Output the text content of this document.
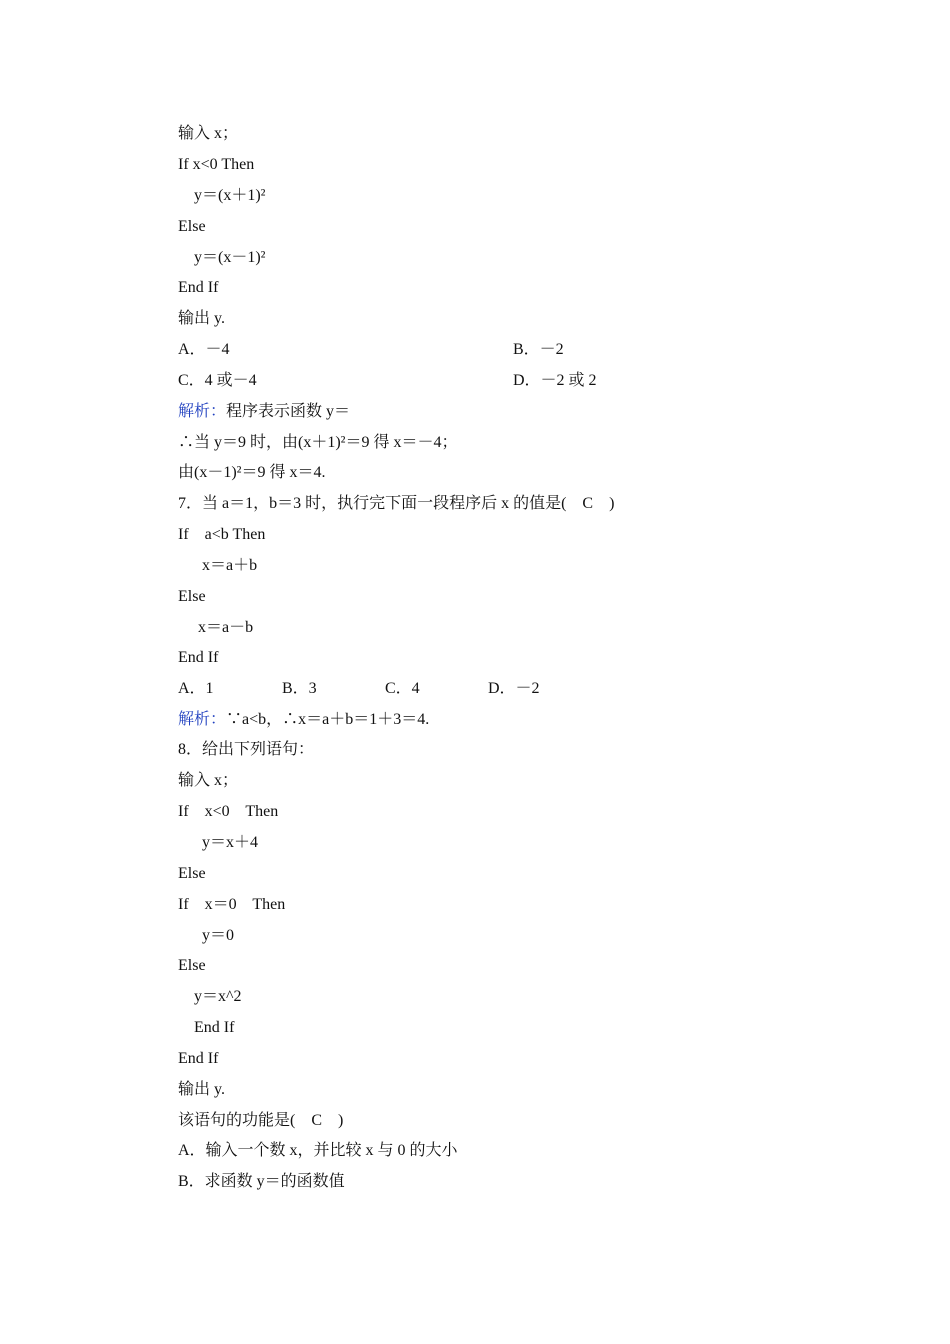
输入 x；
If x<0 Then
y＝(x＋1)²
Else
y＝(x－1)²
End If
输出 y.
A．－4	B．－2
C．4 或－4	D．－2 或 2
解析：程序表示函数 y＝
∴当 y＝9 时，由(x＋1)²＝9 得 x＝－4；
由(x－1)²＝9 得 x＝4.
7．当 a＝1，b＝3 时，执行完下面一段程序后 x 的值是(    C    )
If    a<b Then
x＝a＋b
Else
x＝a－b
End If
A．1	B．3	C．4	D．－2
解析：∵a<b，∴x＝a＋b＝1＋3＝4.
8．给出下列语句：
输入 x；
If    x<0    Then
y＝x＋4
Else
If    x＝0    Then
y＝0
Else
y＝x^2
End If
End If
输出 y.
该语句的功能是(    C    )
A．输入一个数 x，并比较 x 与 0 的大小
B．求函数 y＝的函数值
